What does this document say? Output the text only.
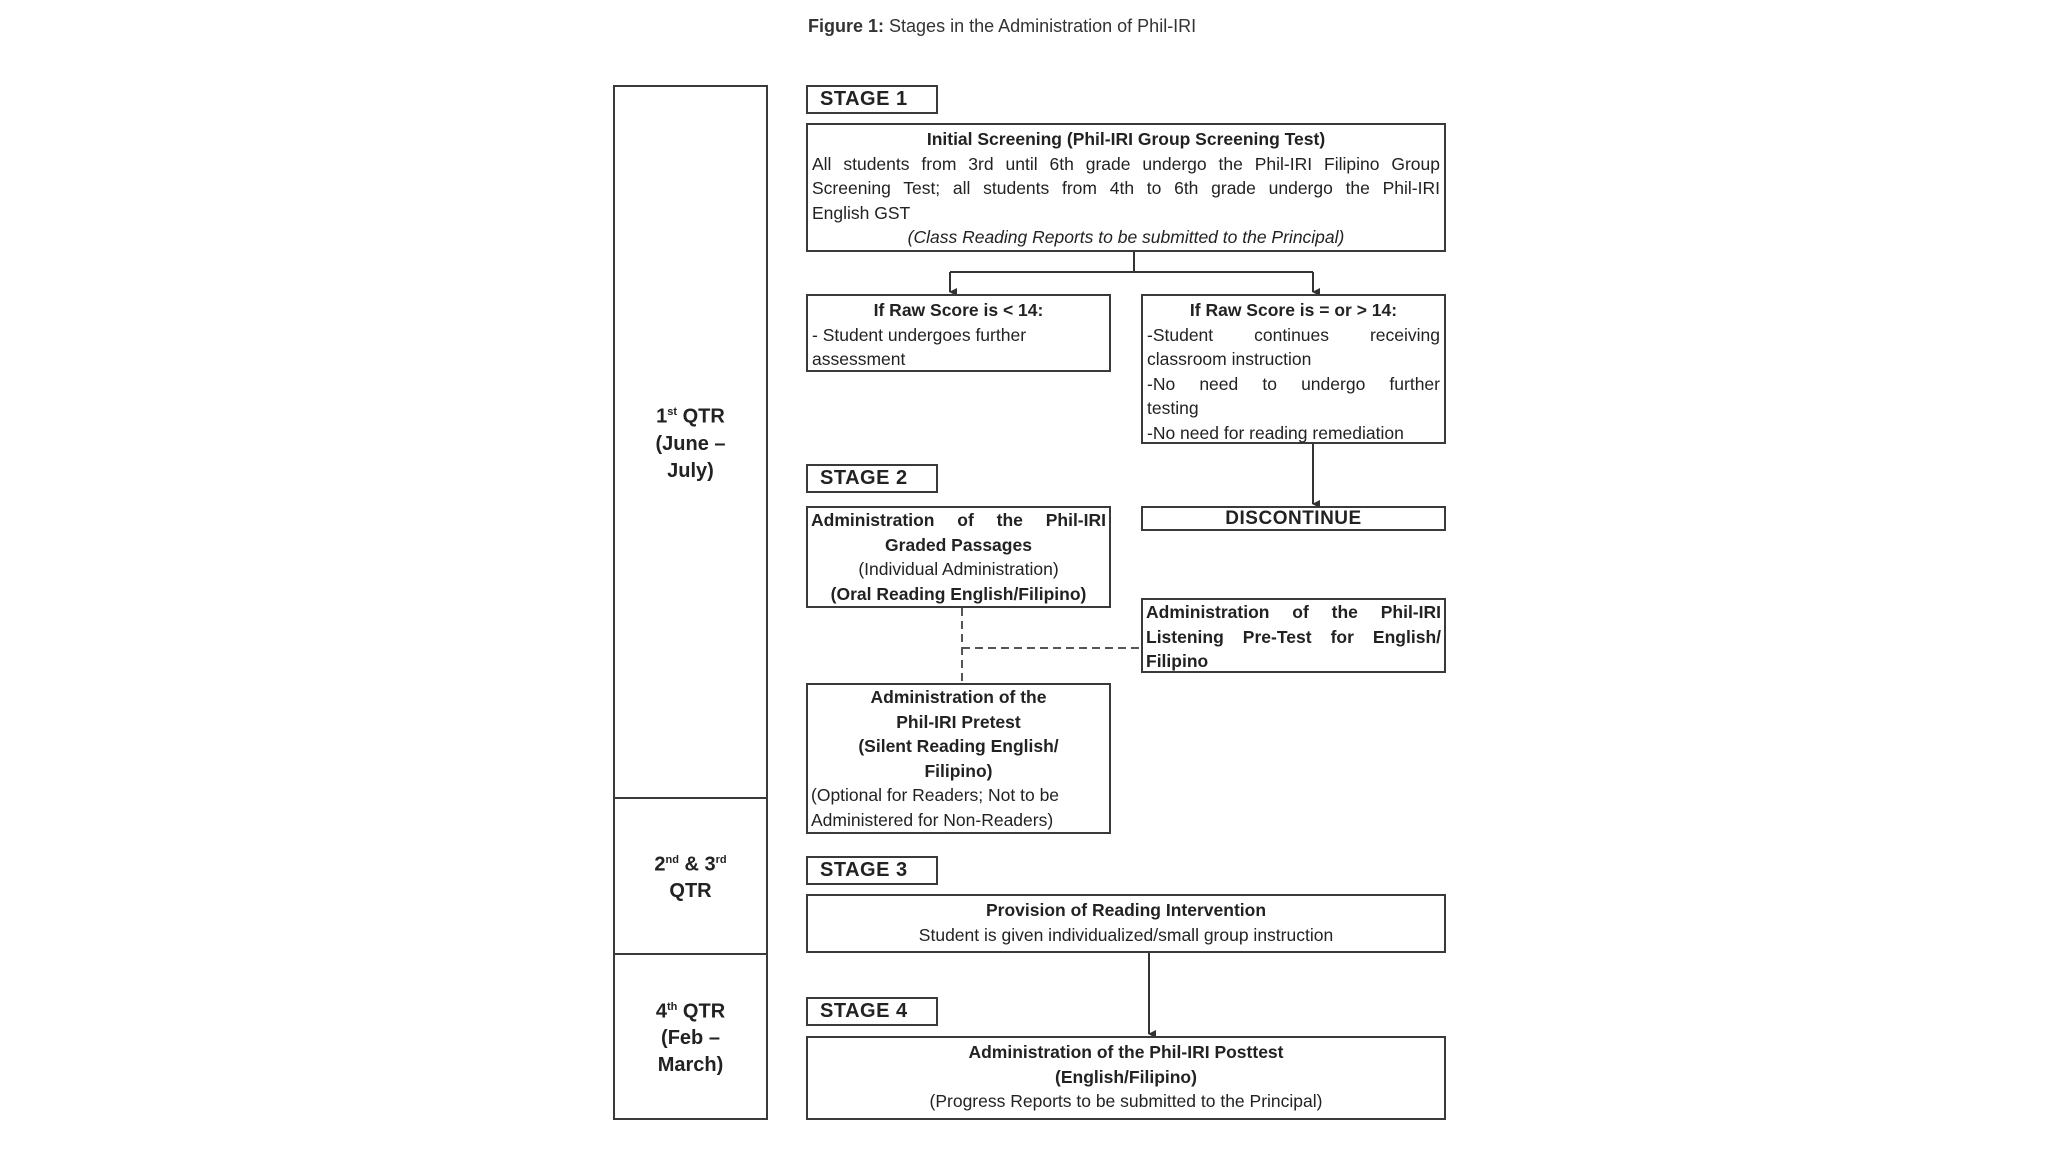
Figure 1: Stages in the Administration of Phil-IRI
1st QTR
(June –
July)
2nd & 3rd
QTR
4th QTR
(Feb –
March)
STAGE 1
STAGE 2
STAGE 3
STAGE 4
Initial Screening (Phil-IRI Group Screening Test)
All students from 3rd until 6th grade undergo the Phil-IRI Filipino Group
Screening Test; all students from 4th to 6th grade undergo the Phil-IRI
English GST
(Class Reading Reports to be submitted to the Principal)
If Raw Score is < 14:
- Student undergoes further
assessment
If Raw Score is = or > 14:
-Student continues receiving
classroom instruction
-No need to undergo further
testing
-No need for reading remediation
DISCONTINUE
Administration of the Phil-IRI
Graded Passages
(Individual Administration)
(Oral Reading English/Filipino)
Administration of the Phil-IRI
Listening Pre-Test for English/
Filipino
Administration of the
Phil-IRI Pretest
(Silent Reading English/
Filipino)
(Optional for Readers; Not to be
Administered for Non-Readers)
Provision of Reading Intervention
Student is given individualized/small group instruction
Administration of the Phil-IRI Posttest
(English/Filipino)
(Progress Reports to be submitted to the Principal)
